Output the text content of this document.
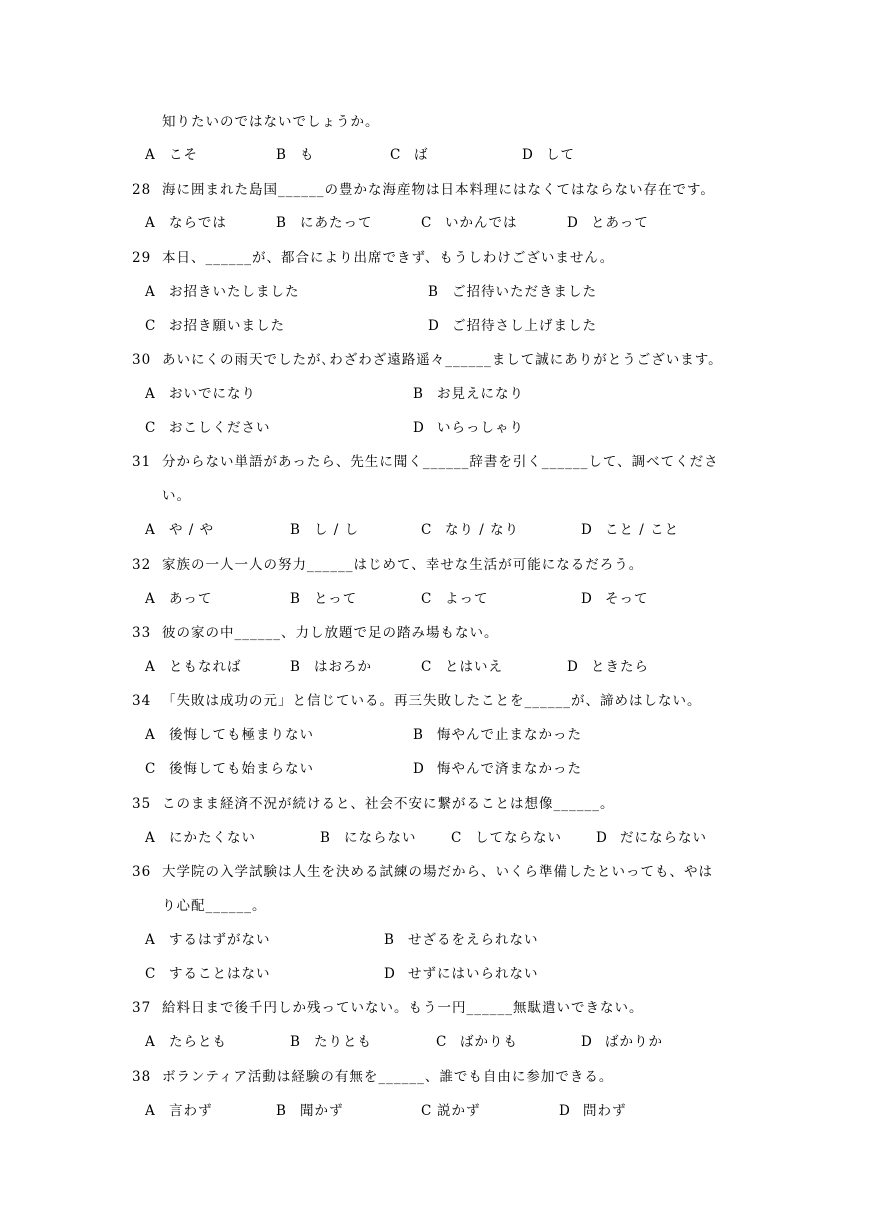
知りたいのではないでしょうか。
A こそ	B も	C ば	D して
28 海に囲まれた島国______の豊かな海産物は日本料理にはなくてはならない存在です。
A ならでは	B にあたって	C いかんでは	D とあって
29 本日、______が、都合により出席できず、もうしわけございません。
A お招きいたしました	B ご招待いただきました
C お招き願いました	D ご招待さし上げました
30 あいにくの雨天でしたが､わざわざ遠路遥々______まして誠にありがとうございます。
A おいでになり	B お見えになり
C おこしください	D いらっしゃり
31 分からない単語があったら、先生に聞く______辞書を引く______して、調べてくださ
い。
A や / や	B し / し	C なり / なり	D こと / こと
32 家族の一人一人の努力______はじめて、幸せな生活が可能になるだろう。
A あって	B とって	C よって	D そって
33 彼の家の中______、力し放題で足の踏み場もない。
A ともなれば	B はおろか	C とはいえ	D ときたら
34 「失敗は成功の元」と信じている。再三失敗したことを______が、諦めはしない。
A 後悔しても極まりない	B 悔やんで止まなかった
C 後悔しても始まらない	D 悔やんで済まなかった
35 このまま経済不況が続けると、社会不安に繋がることは想像______。
A にかたくない	B にならない	C してならない	D だにならない
36 大学院の入学試験は人生を決める試練の場だから、いくら準備したといっても、やは
り心配______。
A するはずがない	B せざるをえられない
C することはない	D せずにはいられない
37 給料日まで後千円しか残っていない。もう一円______無駄遣いできない。
A たらとも	B たりとも	C ばかりも	D ばかりか
38 ボランティア活動は経験の有無を______、誰でも自由に参加できる。
A 言わず	B 聞かず	C 説かず	D 問わず
